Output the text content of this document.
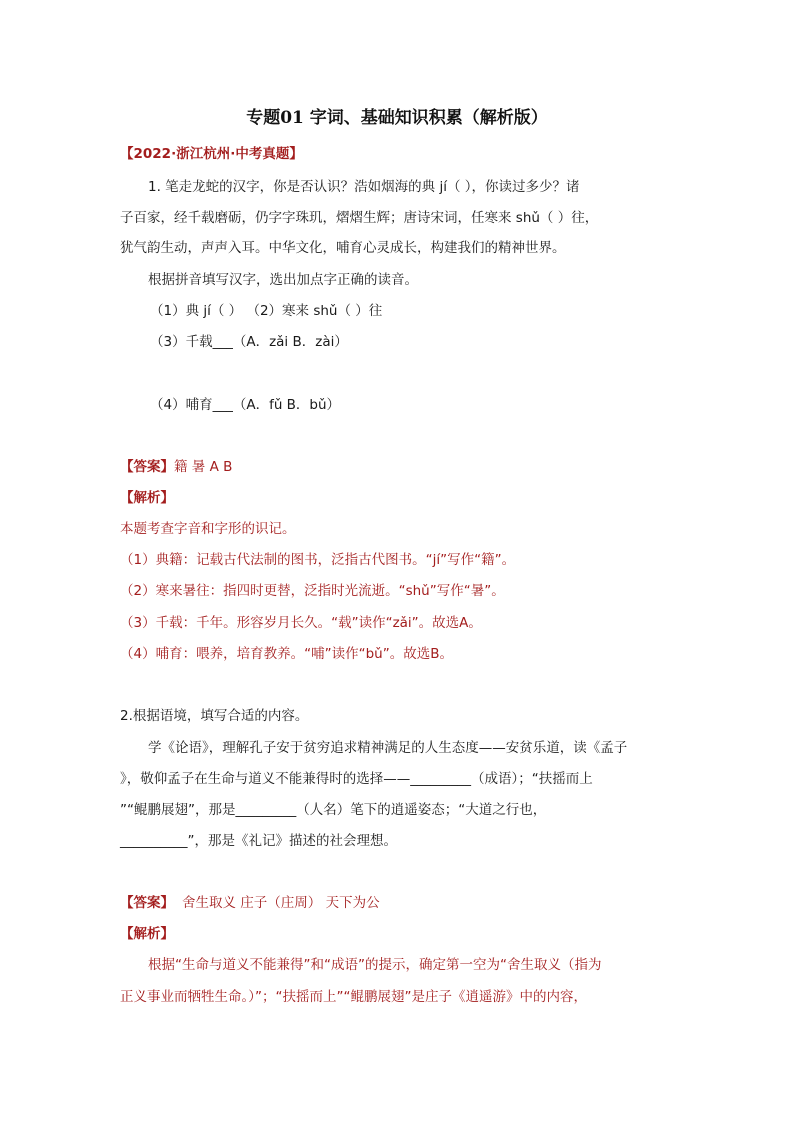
专题01 字词、基础知识积累（解析版）
【2022·浙江杭州·中考真题】
1. 笔走龙蛇的汉字，你是否认识？浩如烟海的典 jí（ ），你读过多少？诸
子百家，经千载磨砺，仍字字珠玑，熠熠生辉；唐诗宋词，任寒来 shǔ（ ）往，
犹气韵生动，声声入耳。中华文化，哺育心灵成长，构建我们的精神世界。
根据拼音填写汉字，选出加点字正确的读音。
（1）典 jí（ ） （2）寒来 shǔ（ ）往
（3）千载___（A．zǎi B．zài）
（4）哺育___（A．fǔ B．bǔ）
【答案】籍 暑 A B
【解析】
本题考查字音和字形的识记。
（1）典籍：记载古代法制的图书，泛指古代图书。“jí”写作“籍”。
（2）寒来暑往：指四时更替，泛指时光流逝。“shǔ”写作“暑”。
（3）千载：千年。形容岁月长久。“载”读作“zǎi”。故选A。
（4）哺育：喂养，培育教养。“哺”读作“bǔ”。故选B。
2.根据语境，填写合适的内容。
学《论语》，理解孔子安于贫穷追求精神满足的人生态度——安贫乐道，读《孟子
》，敬仰孟子在生命与道义不能兼得时的选择——_________（成语）；“扶摇而上
”“鲲鹏展翅”，那是_________（人名）笔下的逍遥姿态；“大道之行也，
__________”，那是《礼记》描述的社会理想。
【答案】 舍生取义 庄子（庄周） 天下为公
【解析】
根据“生命与道义不能兼得”和“成语”的提示，确定第一空为“舍生取义（指为
正义事业而牺牲生命。）”；“扶摇而上”“鲲鹏展翅”是庄子《逍遥游》中的内容，
